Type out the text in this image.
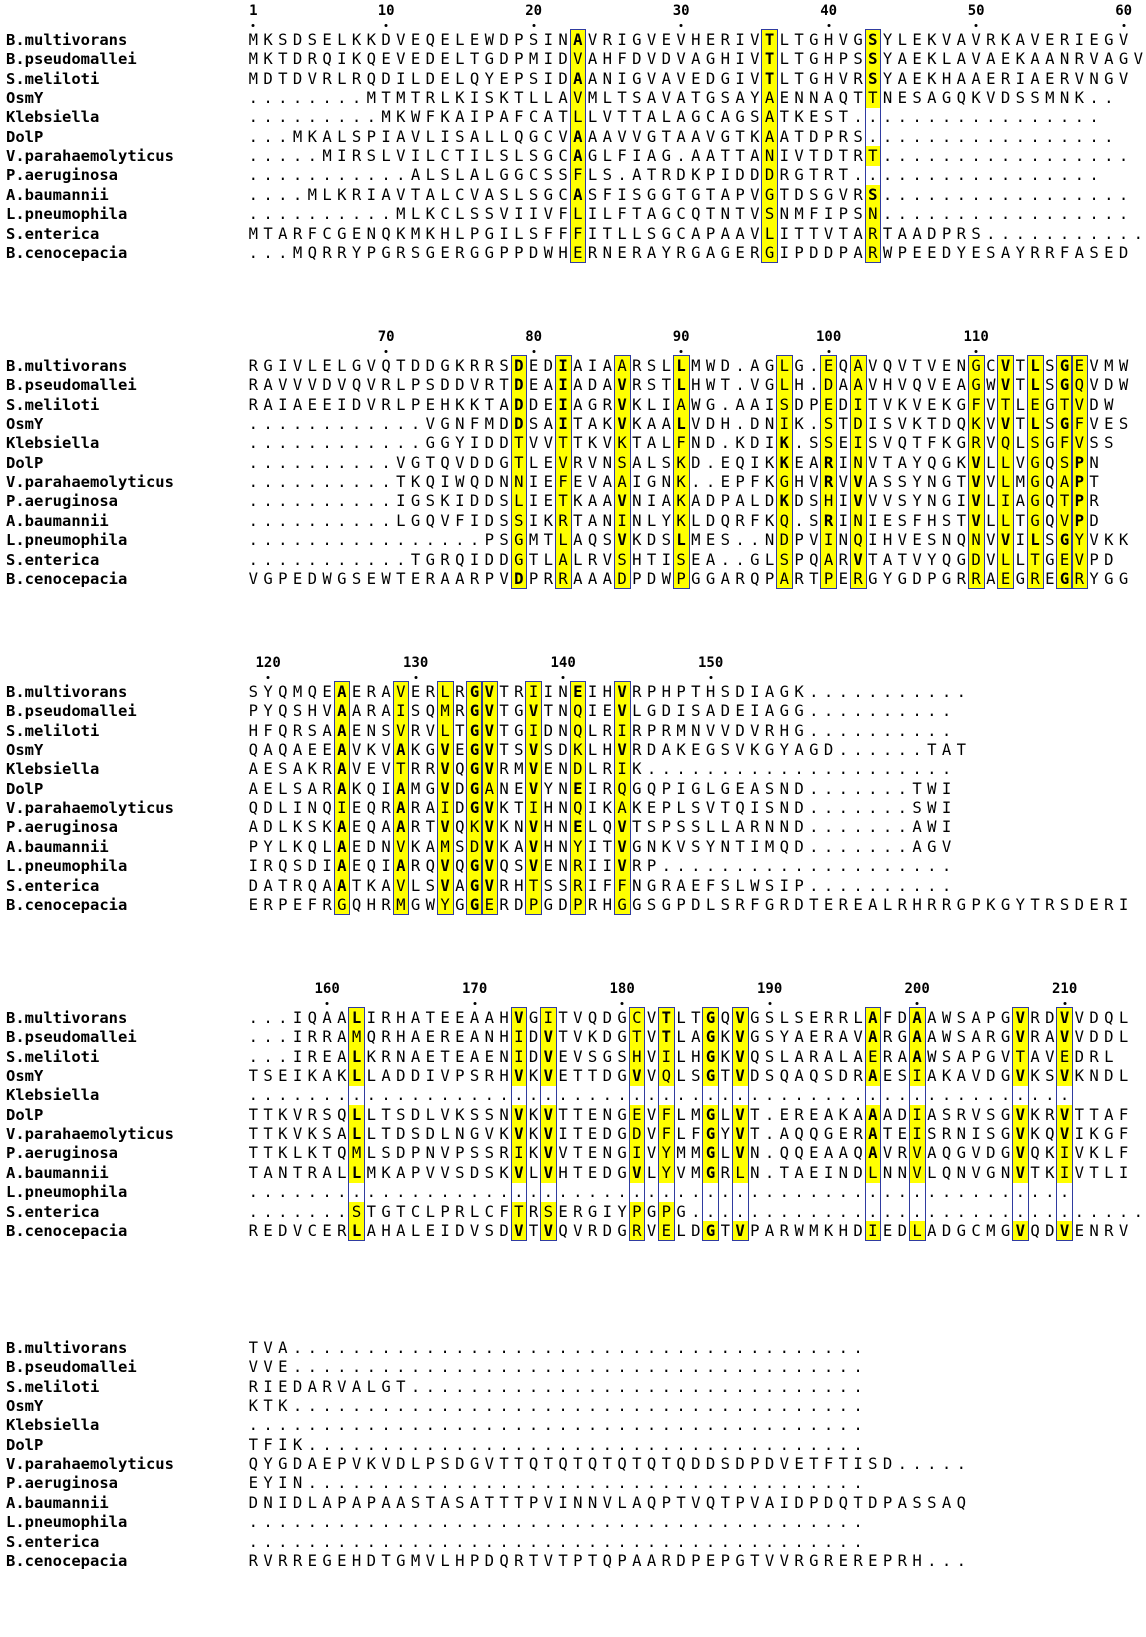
1	10	20	30	40	50	60
B.multivorans	M K S D S E L K K D V E Q E L E W D P S I N A V R I G V E V H E R I V T L T G H V G S Y L E K V A V R K A V E R I E G V
B.pseudomallei	M K T D R Q I K Q E V E D E L T G D P M I D V A H F D V D V A G H I V T L T G H P S S Y A E K L A V A E K A A N R V A G V
S.meliloti	M D T D V R L R Q D I L D E L Q Y E P S I D A A N I G V A V E D G I V T L T G H V R S Y A E K H A A E R I A E R V N G V
OsmY	. . . . . . . . M T M T R L K I S K T L L A V M L T S A V A T G S A Y A E N N A Q T T N E S A G Q K V D S S M N K . .
Klebsiella	. . . . . . . . . M K W F K A I P A F C A T L L V T T A L A G C A G S A T K E S T . . . . . . . . . . . . . . . . .
DolP	. . . M K A L S P I A V L I S A L L Q G C V A A A V V G T A A V G T K A A T D P R S . . . . . . . . . . . . . . . . .
V.parahaemolyticus	. . . . . M I R S L V I L C T I L S L S G C A G L F I A G . A A T T A N I V T D T R T . . . . . . . . . . . . . . . . .
P.aeruginosa	. . . . . . . . . . . A L S L A L G G C S S F L S . A T R D K P I D D D R G T R T . . . . . . . . . . . . . . . . .
A.baumannii	. . . . M L K R I A V T A L C V A S L S G C A S F I S G G T G T A P V G T D S G V R S . . . . . . . . . . . . . . . . .
L.pneumophila	. . . . . . . . . . M L K C L S S V I I V F L I L F T A G C Q T N T V S N M F I P S N . . . . . . . . . . . . . . . . .
S.enterica	M T A R F C G E N Q K M K H L P G I L S F F F I T L L S G C A P A A V L I T T V T A R T A A D P R S . . . . . . . . . . .
B.cenocepacia	. . . M Q R R Y P G R S G E R G G P P D W H E R N E R A Y R G A G E R G I P D D P A R W P E E D Y E S A Y R R F A S E D
70	80	90	100	110
B.multivorans	R G I V L E L G V Q T D D G K R R S D E D I A I A A R S L L M W D . A G L G . E Q A V Q V T V E N G C V T L S G E V M W
B.pseudomallei	R A V V V D V Q V R L P S D D V R T D E A I A D A V R S T L H W T . V G L H . D A A V H V Q V E A G W V T L S G Q V D W
S.meliloti	R A I A E E I D V R L P E H K K T A D D E I A G R V K L I A W G . A A I S D P E D I T V K V E K G F V T L E G T V D W
OsmY	. . . . . . . . . . . . V G N F M D D S A I T A K V K A A L V D H . D N I K . S T D I S V K T D Q K V V T L S G F V E S
Klebsiella	. . . . . . . . . . . . G G Y I D D T V V T T K V K T A L F N D . K D I K . S S E I S V Q T F K G R V Q L S G F V S S
DolP	. . . . . . . . . . V G T Q V D D G T L E V R V N S A L S K D . E Q I K K E A R I N V T A Y Q G K V L L V G Q S P N
V.parahaemolyticus	. . . . . . . . . . T K Q I W Q D N N I E F E V A A I G N K . . E P F K G H V R V V A S S Y N G T V V L M G Q A P T
P.aeruginosa	. . . . . . . . . . I G S K I D D S L I E T K A A V N I A K A D P A L D K D S H I V V V S Y N G I V L I A G Q T P R
A.baumannii	. . . . . . . . . . L G Q V F I D S S I K R T A N I N L Y K L D Q R F K Q . S R I N I E S F H S T V L L T G Q V P D
L.pneumophila	. . . . . . . . . . . . . . . . P S G M T L A Q S V K D S L M E S . . N D P V I N Q I H V E S N Q N V V I L S G Y V K K
S.enterica	. . . . . . . . . . . T G R Q I D D G T L A L R V S H T I S E A . . G L S P Q A R V T A T V Y Q G D V L L T G E V P D
B.cenocepacia	V G P E D W G S E W T E R A A R P V D P R R A A A D P D W P G G A R Q P A R T P E R G Y G D P G R R A E G R E G R Y G G
120	130	140	150
B.multivorans	S Y Q M Q E A E R A V E R L R G V T R I I N E I H V R P H P T H S D I A G K . . . . . . . . . . .
B.pseudomallei	P Y Q S H V A A R A I S Q M R G V T G V T N Q I E V L G D I S A D E I A G G . . . . . . . . . .
S.meliloti	H F Q R S A A E N S V R V L T G V T G I D N Q L R I R P R M N V V D V R H G . . . . . . . . . .
OsmY	Q A Q A E E A V K V A K G V E G V T S V S D K L H V R D A K E G S V K G Y A G D . . . . . . T A T
Klebsiella	A E S A K R A V E V T R R V Q G V R M V E N D L R I K . . . . . . . . . . . . . . . . . . . . .
DolP	A E L S A R A K Q I A M G V D G A N E V Y N E I R Q G Q P I G L G E A S N D . . . . . . . T W I
V.parahaemolyticus	Q D L I N Q I E Q R A R A I D G V K T I H N Q I K A K E P L S V T Q I S N D . . . . . . . S W I
P.aeruginosa	A D L K S K A E Q A A R T V Q K V K N V H N E L Q V T S P S S L L A R N N D . . . . . . . A W I
A.baumannii	P Y L K Q L A E D N V K A M S D V K A V H N Y I T V G N K V S Y N T I M Q D . . . . . . . A G V
L.pneumophila	I R Q S D I A E Q I A R Q V Q G V Q S V E N R I I V R P . . . . . . . . . . . . . . . . . . . .
S.enterica	D A T R Q A A T K A V L S V A G V R H T S S R I F F N G R A E F S L W S I P . . . . . . . . . .
B.cenocepacia	E R P E F R G Q H R M G W Y G G E R D P G D P R H G G S G P D L S R F G R D T E R E A L R H R R G P K G Y T R S D E R I
160	170	180	190	200	210
B.multivorans	. . . I Q A A L I R H A T E E A A H V G I T V Q D G C V T L T G Q V G S L S E R R L A F D A A W S A P G V R D V V D Q L
B.pseudomallei	. . . I R R A M Q R H A E R E A N H I D V T V K D G T V T L A G K V G S Y A E R A V A R G A A W S A R G V R A V V D D L
S.meliloti	. . . I R E A L K R N A E T E A E N I D V E V S G S H V I L H G K V Q S L A R A L A E R A A W S A P G V T A V E D R L
OsmY	T S E I K A K L L A D D I V P S R H V K V E T T D G V V Q L S G T V D S Q A Q S D R A E S I A K A V D G V K S V K N D L
Klebsiella	. . . . . . . . . . . . . . . . . . . . . . . . . . . . . . . . . . . . . . . . . . . . . . . . . . . . . . . .
DolP	T T K V R S Q L L T S D L V K S S N V K V T T E N G E V F L M G L V T . E R E A K A A A D I A S R V S G V K R V T T A F
V.parahaemolyticus	T T K V K S A L L T D S D L N G V K V K V I T E D G D V F L F G Y V T . A Q Q G E R A T E I S R N I S G V K Q V I K G F
P.aeruginosa	T T K L K T Q M L S D P N V P S S R I K V V T E N G I V Y M M G L V N . Q Q E A A Q A V R V A Q G V D G V Q K I V K L F
A.baumannii	T A N T R A L L M K A P V V S D S K V L V H T E D G V L Y V M G R L N . T A E I N D L N N V L Q N V G N V T K I V T L I
L.pneumophila	. . . . . . . . . . . . . . . . . . . . . . . . . . . . . . . . . . . . . . . . . . . . . . . . . . . . . . . .
S.enterica	. . . . . . . S T G T C L P R L C F T R S E R G I Y P G P G . . . . . . . . . . . . . . . . . . . . . . . . . . . . . . .
B.cenocepacia	R E D V C E R L A H A L E I D V S D V T V Q V R D G R V E L D G T V P A R W M K H D I E D L A D G C M G V Q D V E N R V
B.multivorans	T V A . . . . . . . . . . . . . . . . . . . . . . . . . . . . . . . . . . . . . . .
B.pseudomallei	V V E . . . . . . . . . . . . . . . . . . . . . . . . . . . . . . . . . . . . . . .
S.meliloti	R I E D A R V A L G T . . . . . . . . . . . . . . . . . . . . . . . . . . . . . . .
OsmY	K T K . . . . . . . . . . . . . . . . . . . . . . . . . . . . . . . . . . . . . . .
Klebsiella	. . . . . . . . . . . . . . . . . . . . . . . . . . . . . . . . . . . . . . . . . .
DolP	T F I K . . . . . . . . . . . . . . . . . . . . . . . . . . . . . . . . . . . . . .
V.parahaemolyticus	Q Y G D A E P V K V D L P S D G V T T Q T Q T Q T Q T Q T Q D D S D P D V E T F T I S D . . . . .
P.aeruginosa	E Y I N . . . . . . . . . . . . . . . . . . . . . . . . . . . . . . . . . . . . . .
A.baumannii	D N I D L A P A P A A S T A S A T T T P V I N N V L A Q P T V Q T P V A I D P D Q T D P A S S A Q
L.pneumophila	. . . . . . . . . . . . . . . . . . . . . . . . . . . . . . . . . . . . . . . . . .
S.enterica	. . . . . . . . . . . . . . . . . . . . . . . . . . . . . . . . . . . . . . . . . .
B.cenocepacia	R V R R E G E H D T G M V L H P D Q R T V T P T Q P A A R D P E P G T V V R G R E R E P R H . . .
